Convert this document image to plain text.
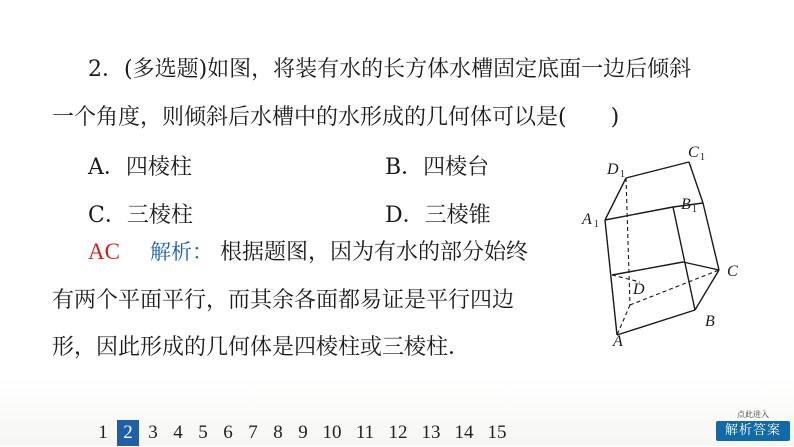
2．(多选题)如图，将装有水的长方体水槽固定底面一边后倾斜
一个角度，则倾斜后水槽中的水形成的几何体可以是(　　)
A．四棱柱	B．四棱台
C．三棱柱	D．三棱锥
AC 解析： 根据题图，因为有水的部分始终
有两个平面平行，而其余各面都易证是平行四边
形，因此形成的几何体是四棱柱或三棱柱．
C 1
D 1
B 1
A 1
C
D
B
A
1 2 3 4 5 6 7 8 9 10 11 12 13 14 15
点此进入
解析答案
